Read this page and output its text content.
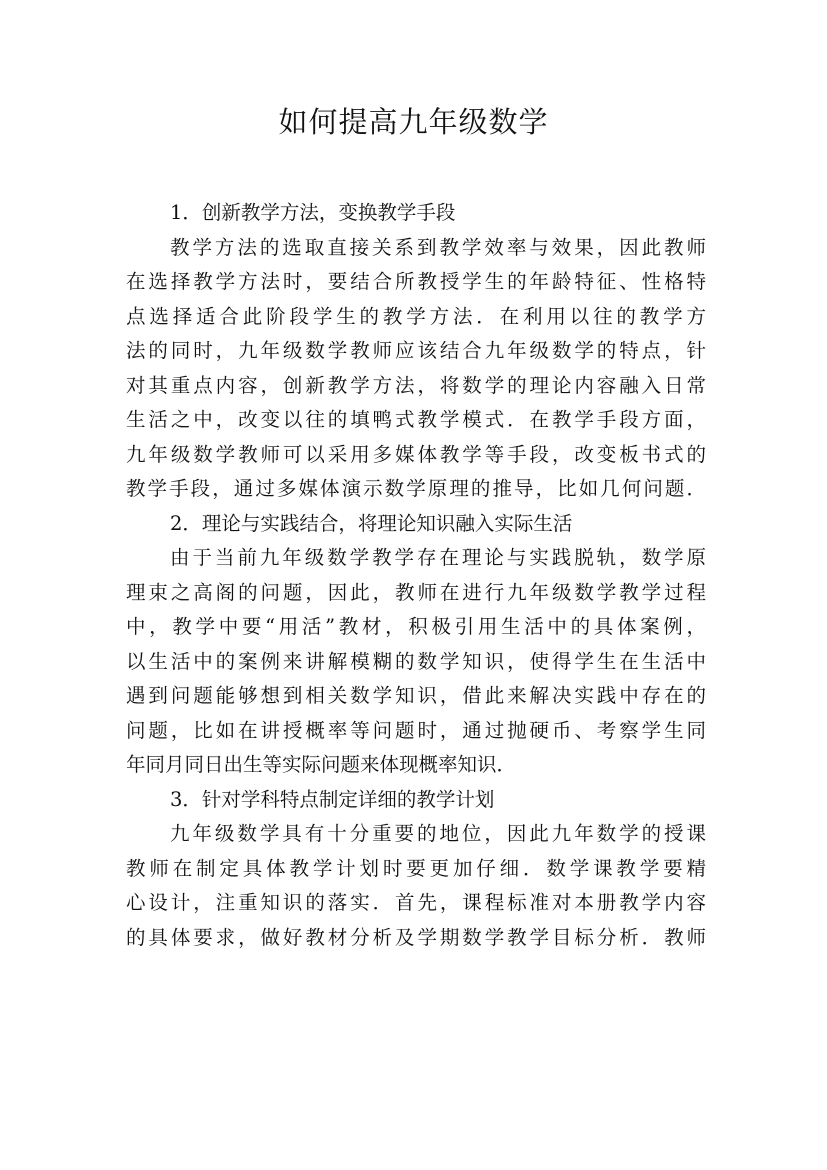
如何提高九年级数学
1．创新教学方法，变换教学手段
教学方法的选取直接关系到教学效率与效果，因此教师
在选择教学方法时，要结合所教授学生的年龄特征、性格特
点选择适合此阶段学生的教学方法．在利用以往的教学方
法的同时，九年级数学教师应该结合九年级数学的特点，针
对其重点内容，创新教学方法，将数学的理论内容融入日常
生活之中，改变以往的填鸭式教学模式．在教学手段方面，
九年级数学教师可以采用多媒体教学等手段，改变板书式的
教学手段，通过多媒体演示数学原理的推导，比如几何问题．
2．理论与实践结合，将理论知识融入实际生活
由于当前九年级数学教学存在理论与实践脱轨，数学原
理束之高阁的问题，因此，教师在进行九年级数学教学过程
中，教学中要“用活”教材，积极引用生活中的具体案例，
以生活中的案例来讲解模糊的数学知识，使得学生在生活中
遇到问题能够想到相关数学知识，借此来解决实践中存在的
问题，比如在讲授概率等问题时，通过抛硬币、考察学生同
年同月同日出生等实际问题来体现概率知识．
3．针对学科特点制定详细的教学计划
九年级数学具有十分重要的地位，因此九年数学的授课
教师在制定具体教学计划时要更加仔细．数学课教学要精
心设计，注重知识的落实．首先，课程标准对本册教学内容
的具体要求，做好教材分析及学期数学教学目标分析．教师
